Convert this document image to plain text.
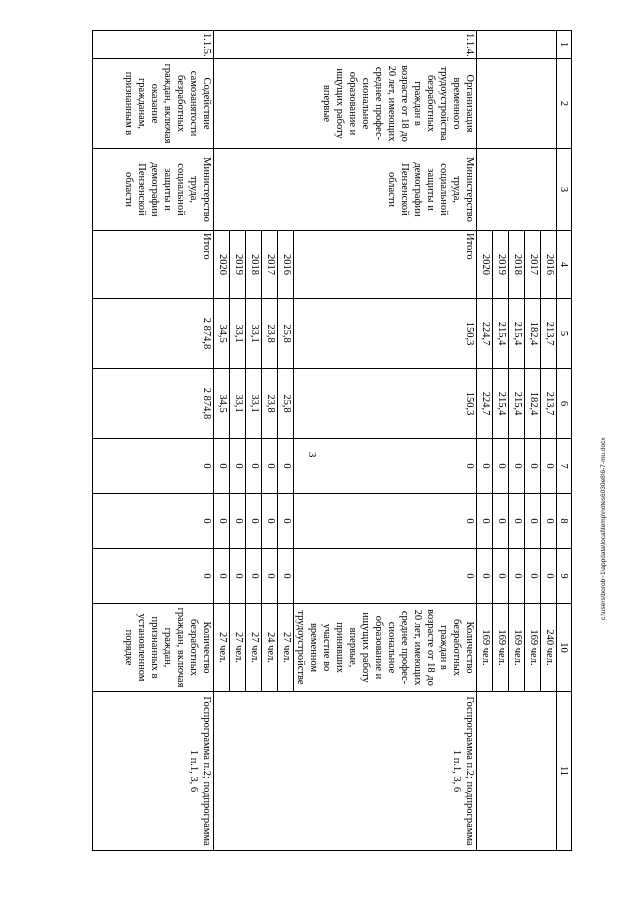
3
1	2	3	4	5	6	7	8	9	10	11
			2016	213,7	213,7	0	0	0	240 чел.	
			2017	182,4	182,4	0	0	0	169 чел.	
			2018	215,4	215,4	0	0	0	169 чел.	
			2019	215,4	215,4	0	0	0	169 чел.	
			2020	224,7	224,7	0	0	0	169 чел.	
1.1.4.	Организация временного трудоустройства безработных граждан в возрасте от 18 до 20 лет, имеющих среднее профес-сиональное образование и ищущих работу впервые	Министерство труда, социальной защиты и демографии Пензенской области	Итого	150,3	150,3	0	0	0	Количество безработных граждан в возрасте от 18 до 20 лет, имеющих среднее профес-сиональное образование и ищущих работу впервые, принявших участие во временном трудоустройстве	Госпрограмма п.2; подпрограмма 1 п.1, 3, 6
			2016	25,8	25,8	0	0	0	27 чел.	
			2017	23,8	23,8	0	0	0	24 чел.	
			2018	33,1	33,1	0	0	0	27 чел.	
			2019	33,1	33,1	0	0	0	27 чел.	
			2020	34,5	34,5	0	0	0	27 чел.	
1.1.5.	Содействие самозанятости безработных граждан, включая оказание гражданам, признанным в	Министерство труда, социальной защиты и демографии Пензенской области	Итого	2 874,8	2 874,8	0	0	0	Количество безработных граждан, включая граждан, признанных в установленном порядке	Госпрограмма п.2; подпрограмма 1 п.1, 3, 6
c:\users\borob~1\appdata\local\temp\notes6030e8\6-7-mu.docx
